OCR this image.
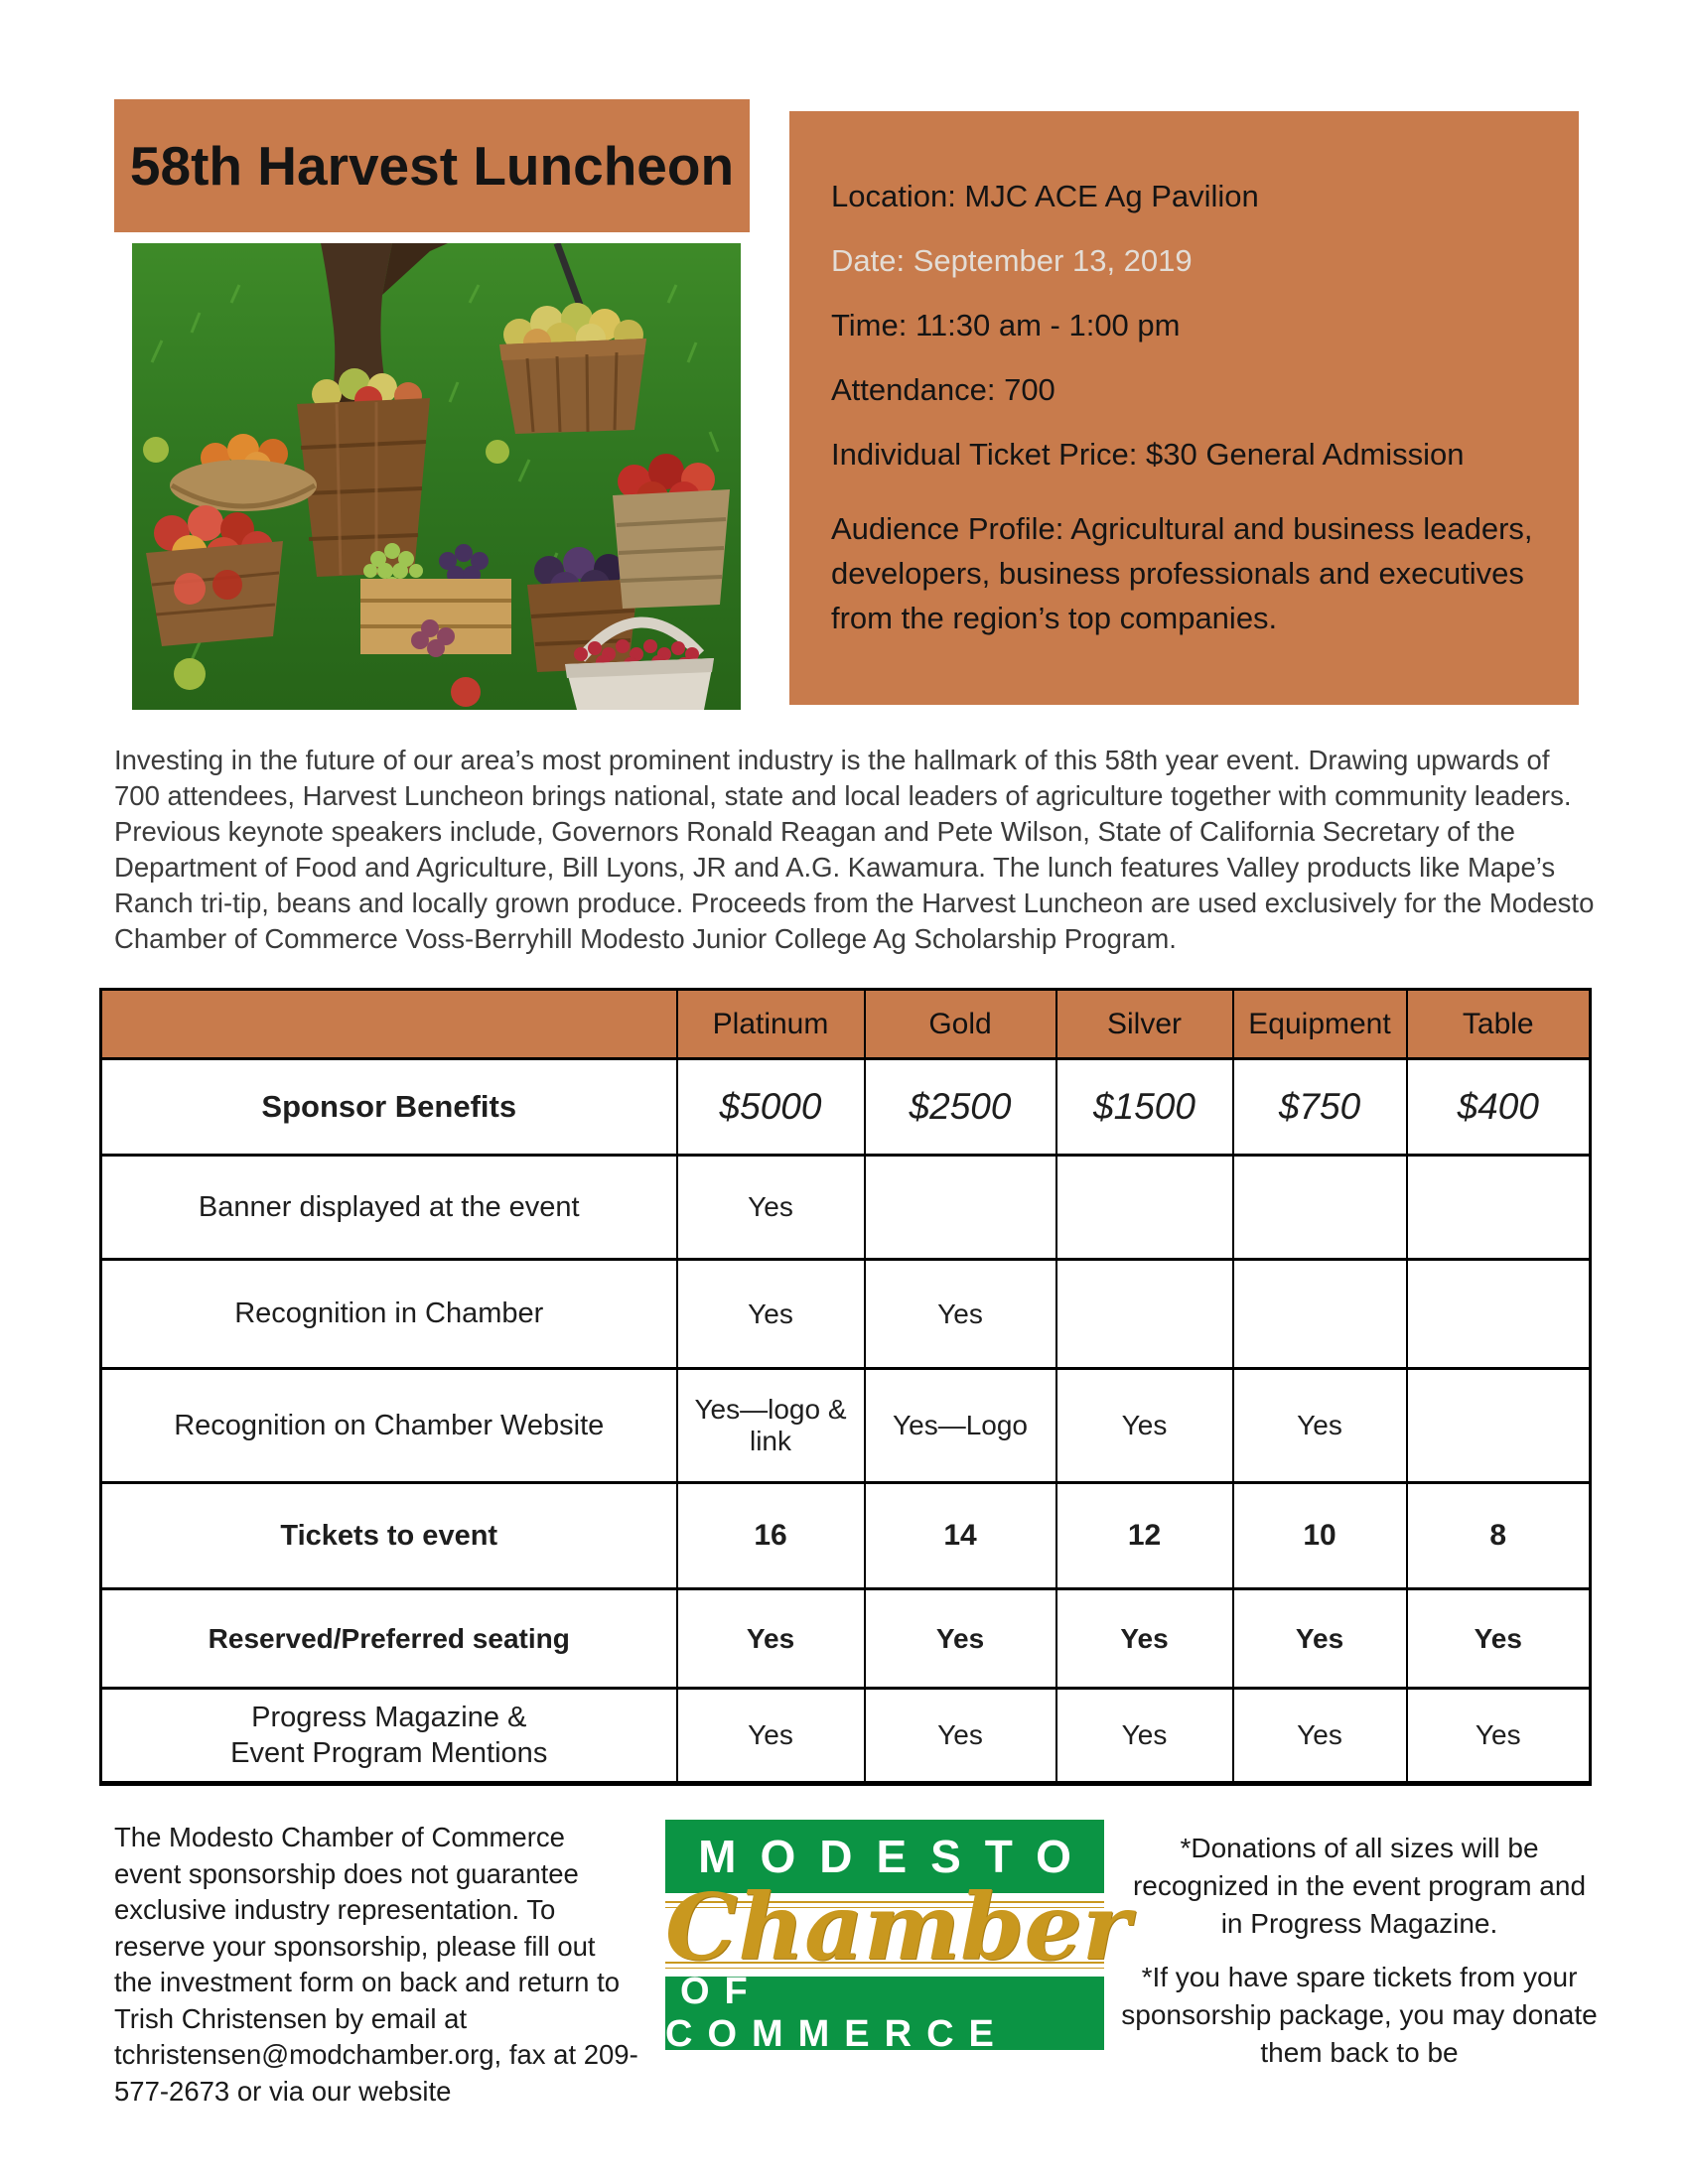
58th Harvest Luncheon	Location: MJC ACE Ag Pavilion

Date: September 13, 2019

Time: 11:30 am - 1:00 pm

Attendance: 700

Individual Ticket Price: $30 General Admission

Audience Profile: Agricultural and business leaders, developers, business professionals and executives from the region’s top companies.

Investing in the future of our area’s most prominent industry is the hallmark of this 58th year event. Drawing upwards of 700 attendees, Harvest Luncheon brings national, state and local leaders of agriculture together with community leaders. Previous keynote speakers include, Governors Ronald Reagan and Pete Wilson, State of California Secretary of the Department of Food and Agriculture, Bill Lyons, JR and A.G. Kawamura. The lunch features Valley products like Mape’s Ranch tri-tip, beans and locally grown produce. Proceeds from the Harvest Luncheon are used exclusively for the Modesto Chamber of Commerce Voss-Berryhill Modesto Junior College Ag Scholarship Program.

	Platinum	Gold	Silver	Equipment	Table
Sponsor Benefits	$5000	$2500	$1500	$750	$400
Banner displayed at the event	Yes				
Recognition in Chamber	Yes	Yes			
Recognition on Chamber Website	Yes—logo & link	Yes—Logo	Yes	Yes	
Tickets to event	16	14	12	10	8
Reserved/Preferred seating	Yes	Yes	Yes	Yes	Yes

Progress Magazine &
Event Program Mentions	Yes	Yes	Yes	Yes	Yes

The Modesto Chamber of Commerce event sponsorship does not guarantee exclusive industry representation. To reserve your sponsorship, please fill out the investment form on back and return to Trish Christensen by email at tchristensen@modchamber.org, fax at 209-577-2673 or via our website

MODESTO
OF COMMERCE
Chamber

*Donations of all sizes will be recognized in the event program and in Progress Magazine.

*If you have spare tickets from your sponsorship package, you may donate them back to be
